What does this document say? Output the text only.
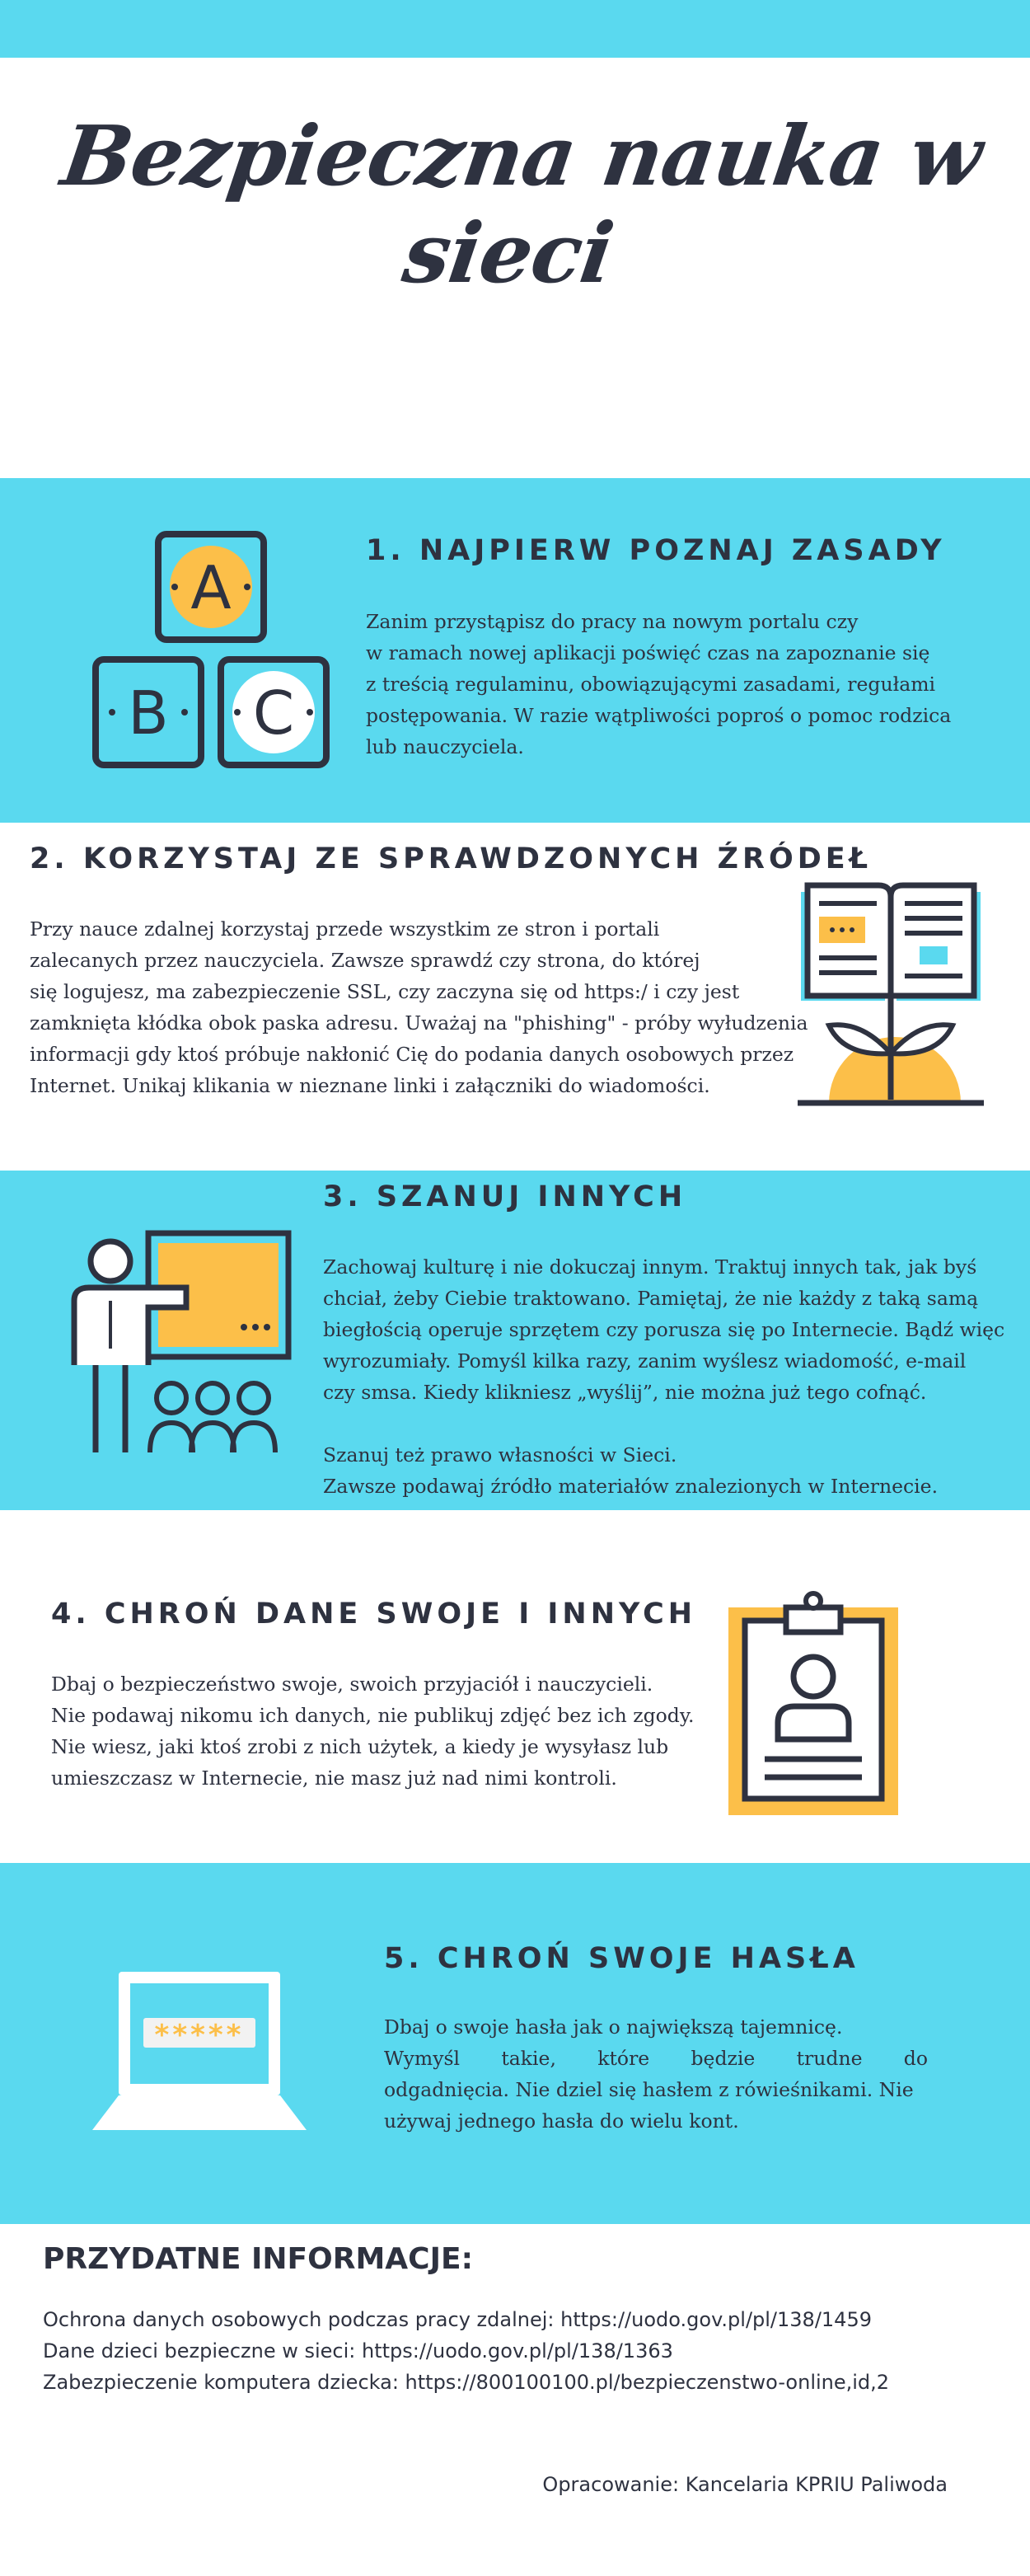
Bezpieczna nauka w sieci
A
B C
1. NAJPIERW POZNAJ ZASADY

Zanim przystąpisz do pracy na nowym portalu czy

w ramach nowej aplikacji poświęć czas na zapoznanie się

z treścią regulaminu, obowiązującymi zasadami, regułami

postępowania. W razie wątpliwości poproś o pomoc rodzica

lub nauczyciela.

2. KORZYSTAJ ZE SPRAWDZONYCH ŹRÓDEŁ

Przy nauce zdalnej korzystaj przede wszystkim ze stron i portali

zalecanych przez nauczyciela. Zawsze sprawdź czy strona, do której

się logujesz, ma zabezpieczenie SSL, czy zaczyna się od https:/ i czy jest

zamknięta kłódka obok paska adresu. Uważaj na "phishing" - próby wyłudzenia

informacji gdy ktoś próbuje nakłonić Cię do podania danych osobowych przez

Internet. Unikaj klikania w nieznane linki i załączniki do wiadomości.

3. SZANUJ INNYCH

Zachowaj kulturę i nie dokuczaj innym. Traktuj innych tak, jak byś

chciał, żeby Ciebie traktowano. Pamiętaj, że nie każdy z taką samą

biegłością operuje sprzętem czy porusza się po Internecie. Bądź więc

wyrozumiały. Pomyśl kilka razy, zanim wyślesz wiadomość, e-mail

czy smsa. Kiedy klikniesz „wyślij”, nie można już tego cofnąć.

Szanuj też prawo własności w Sieci.

Zawsze podawaj źródło materiałów znalezionych w Internecie.

4. CHROŃ DANE SWOJE I INNYCH

Dbaj o bezpieczeństwo swoje, swoich przyjaciół i nauczycieli.

Nie podawaj nikomu ich danych, nie publikuj zdjęć bez ich zgody.

Nie wiesz, jaki ktoś zrobi z nich użytek, a kiedy je wysyłasz lub

umieszczasz w Internecie, nie masz już nad nimi kontroli.

*****
5. CHROŃ SWOJE HASŁA

Dbaj o swoje hasła jak o największą tajemnicę.

Wymyśl takie, które będzie trudne do

odgadnięcia. Nie dziel się hasłem z rówieśnikami. Nie

używaj jednego hasła do wielu kont.

PRZYDATNE INFORMACJE:
Ochrona danych osobowych podczas pracy zdalnej: https://uodo.gov.pl/pl/138/1459
Dane dzieci bezpieczne w sieci: https://uodo.gov.pl/pl/138/1363
Zabezpieczenie komputera dziecka: https://800100100.pl/bezpieczenstwo-online,id,2
Opracowanie: Kancelaria KPRIU Paliwoda
